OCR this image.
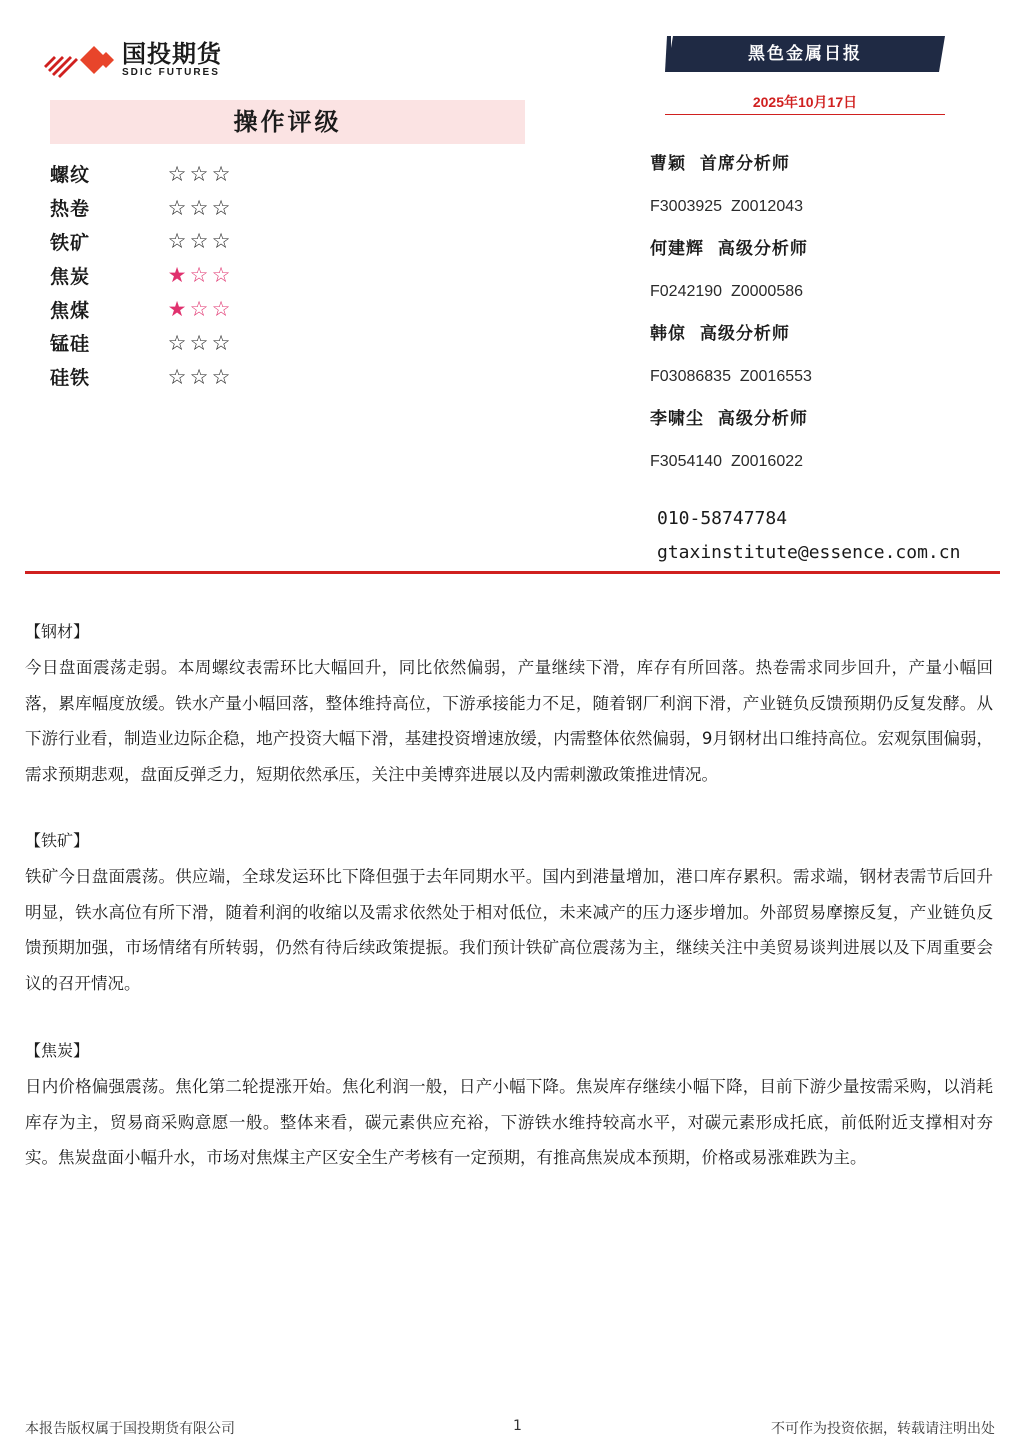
国投期货
SDIC FUTURES
黑色金属日报
2025年10月17日
操作评级
螺纹	☆ ☆ ☆
热卷	☆ ☆ ☆
铁矿	☆ ☆ ☆
焦炭	★ ☆ ☆
焦煤	★ ☆ ☆
锰硅	☆ ☆ ☆
硅铁	☆ ☆ ☆
曹颖  首席分析师
F3003925  Z0012043
何建辉  高级分析师
F0242190  Z0000586
韩倞  高级分析师
F03086835  Z0016553
李啸尘  高级分析师
F3054140  Z0016022
010-58747784
gtaxinstitute@essence.com.cn
【钢材】
今日盘面震荡走弱。本周螺纹表需环比大幅回升，同比依然偏弱，产量继续下滑，库存有所回落。热卷需求同步回升，产量小幅回落，累库幅度放缓。铁水产量小幅回落，整体维持高位，下游承接能力不足，随着钢厂利润下滑，产业链负反馈预期仍反复发酵。从下游行业看，制造业边际企稳，地产投资大幅下滑，基建投资增速放缓，内需整体依然偏弱，9月钢材出口维持高位。宏观氛围偏弱，需求预期悲观，盘面反弹乏力，短期依然承压，关注中美博弈进展以及内需刺激政策推进情况。
【铁矿】
铁矿今日盘面震荡。供应端，全球发运环比下降但强于去年同期水平。国内到港量增加，港口库存累积。需求端，钢材表需节后回升明显，铁水高位有所下滑，随着利润的收缩以及需求依然处于相对低位，未来减产的压力逐步增加。外部贸易摩擦反复，产业链负反馈预期加强，市场情绪有所转弱，仍然有待后续政策提振。我们预计铁矿高位震荡为主，继续关注中美贸易谈判进展以及下周重要会议的召开情况。
【焦炭】
日内价格偏强震荡。焦化第二轮提涨开始。焦化利润一般，日产小幅下降。焦炭库存继续小幅下降，目前下游少量按需采购，以消耗库存为主，贸易商采购意愿一般。整体来看，碳元素供应充裕，下游铁水维持较高水平，对碳元素形成托底，前低附近支撑相对夯实。焦炭盘面小幅升水，市场对焦煤主产区安全生产考核有一定预期，有推高焦炭成本预期，价格或易涨难跌为主。
本报告版权属于国投期货有限公司	1	不可作为投资依据，转载请注明出处
